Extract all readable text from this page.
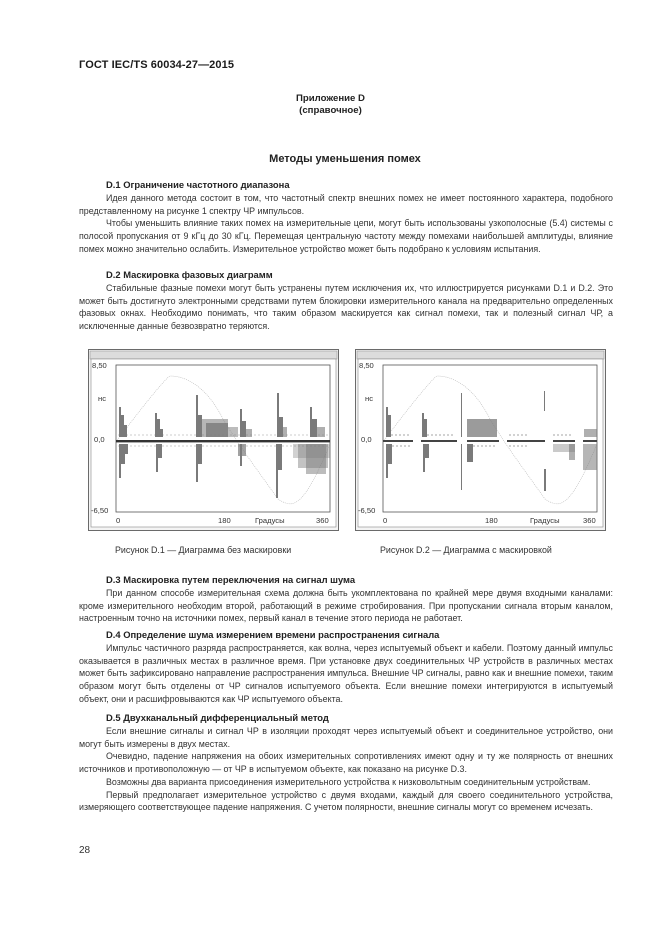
ГОСТ IEC/TS 60034-27—2015
Приложение D
(справочное)
Методы уменьшения помех
D.1 Ограничение частотного диапазона

Идея данного метода состоит в том, что частотный спектр внешних помех не имеет постоянного характера, подобного представленному на рисунке 1 спектру ЧР импульсов.

Чтобы уменьшить влияние таких помех на измерительные цепи, могут быть использованы узкополосные (5.4) системы с полосой пропускания от 9 кГц до 30 кГц. Перемещая центральную частоту между помехами наибольшей амплитуды, влияние помех можно значительно ослабить. Измерительное устройство может быть подобрано к условиям испытания.

D.2 Маскировка фазовых диаграмм

Стабильные фазные помехи могут быть устранены путем исключения их, что иллюстрируется рисунками D.1 и D.2. Это может быть достигнуто электронными средствами путем блокировки измерительного канала на предварительно определенных фазовых окнах. Необходимо понимать, что таким образом маскируется как сигнал помехи, так и полезный сигнал ЧР, а исключенные данные безвозвратно теряются.

8,50
нс
0,0
-6,50
0	180	Градусы	360
8,50
нс
0,0
-6,50
0	180	Градусы	360
Рисунок D.1 — Диаграмма без маскировки	Рисунок D.2 — Диаграмма с маскировкой
D.3 Маскировка путем переключения на сигнал шума

При данном способе измерительная схема должна быть укомплектована по крайней мере двумя входными каналами: кроме измерительного необходим второй, работающий в режиме стробирования. При пропускании сигнала вторым каналом, настроенным точно на источники помех, первый канал в течение этого периода не работает.

D.4 Определение шума измерением времени распространения сигнала

Импульс частичного разряда распространяется, как волна, через испытуемый объект и кабели. Поэтому данный импульс оказывается в различных местах в различное время. При установке двух соединительных ЧР устройств в различных местах может быть зафиксировано направление распространения импульса. Внешние ЧР сигналы, равно как и внешние помехи, таким образом могут быть отделены от ЧР сигналов испытуемого объекта. Если внешние помехи интегрируются в испытуемый объект, они и расшифровываются как ЧР испытуемого объекта.

D.5 Двухканальный дифференциальный метод

Если внешние сигналы и сигнал ЧР в изоляции проходят через испытуемый объект и соединительное устройство, они могут быть измерены в двух местах.

Очевидно, падение напряжения на обоих измерительных сопротивлениях имеют одну и ту же полярность от внешних источников и противоположную — от ЧР в испытуемом объекте, как показано на рисунке D.3.

Возможны два варианта присоединения измерительного устройства к низковольтным соединительным устройствам.

Первый предполагает измерительное устройство с двумя входами, каждый для своего соединительного устройства, измеряющего соответствующее падение напряжения. С учетом полярности, внешние сигналы могут со временем исчезать.

28
